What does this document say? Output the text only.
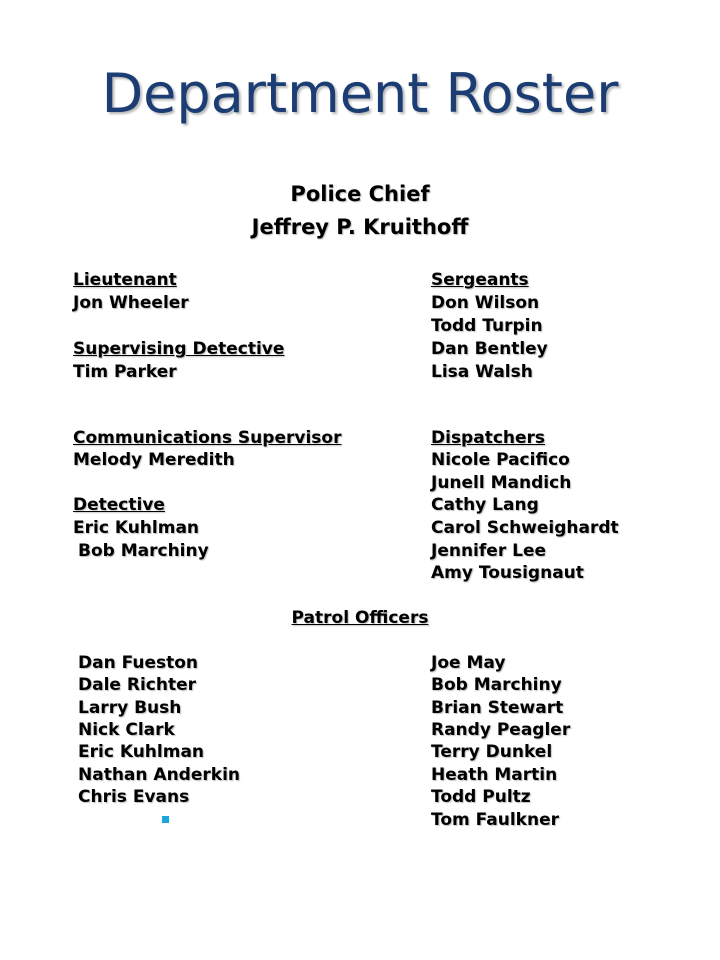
Department Roster
Police Chief
Jeffrey P. Kruithoff
Lieutenant
Jon Wheeler
Supervising Detective
Tim Parker
Sergeants
Don Wilson
Todd Turpin
Dan Bentley
Lisa Walsh
Communications Supervisor
Melody Meredith
Detective
Eric Kuhlman
Bob Marchiny
Dispatchers
Nicole Pacifico
Junell Mandich
Cathy Lang
Carol Schweighardt
Jennifer Lee
Amy Tousignaut
Patrol Officers
Dan Fueston
Dale Richter
Larry Bush
Nick Clark
Eric Kuhlman
Nathan Anderkin
Chris Evans
Joe May
Bob Marchiny
Brian Stewart
Randy Peagler
Terry Dunkel
Heath Martin
Todd Pultz
Tom Faulkner
